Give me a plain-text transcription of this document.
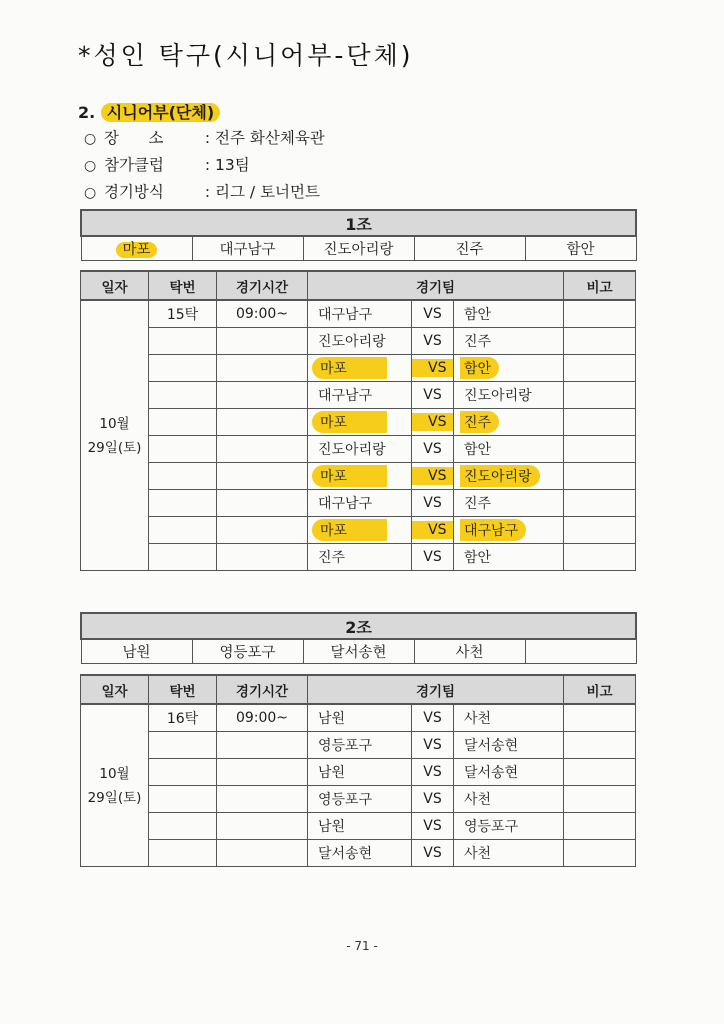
*성인 탁구(시니어부-단체)
2. 시니어부(단체)
○ 장      소	: 전주 화산체육관
○ 참가클럽	: 13팀
○ 경기방식	: 리그 / 토너먼트
1조
마포	대구남구	진도아리랑	진주	함안
일자	탁번	경기시간	경기팀			비고
10월
29일(토)	15탁	09:00~	대구남구	VS	함안	
			진도아리랑	VS	진주	
			마포	VS	함안	
			대구남구	VS	진도아리랑	
			마포	VS	진주	
			진도아리랑	VS	함안	
			마포	VS	진도아리랑	
			대구남구	VS	진주	
			마포	VS	대구남구	
			진주	VS	함안	
2조
남원	영등포구	달서송현	사천	
일자	탁번	경기시간	경기팀			비고
10월
29일(토)	16탁	09:00~	남원	VS	사천	
			영등포구	VS	달서송현	
			남원	VS	달서송현	
			영등포구	VS	사천	
			남원	VS	영등포구	
			달서송현	VS	사천	
- 71 -
